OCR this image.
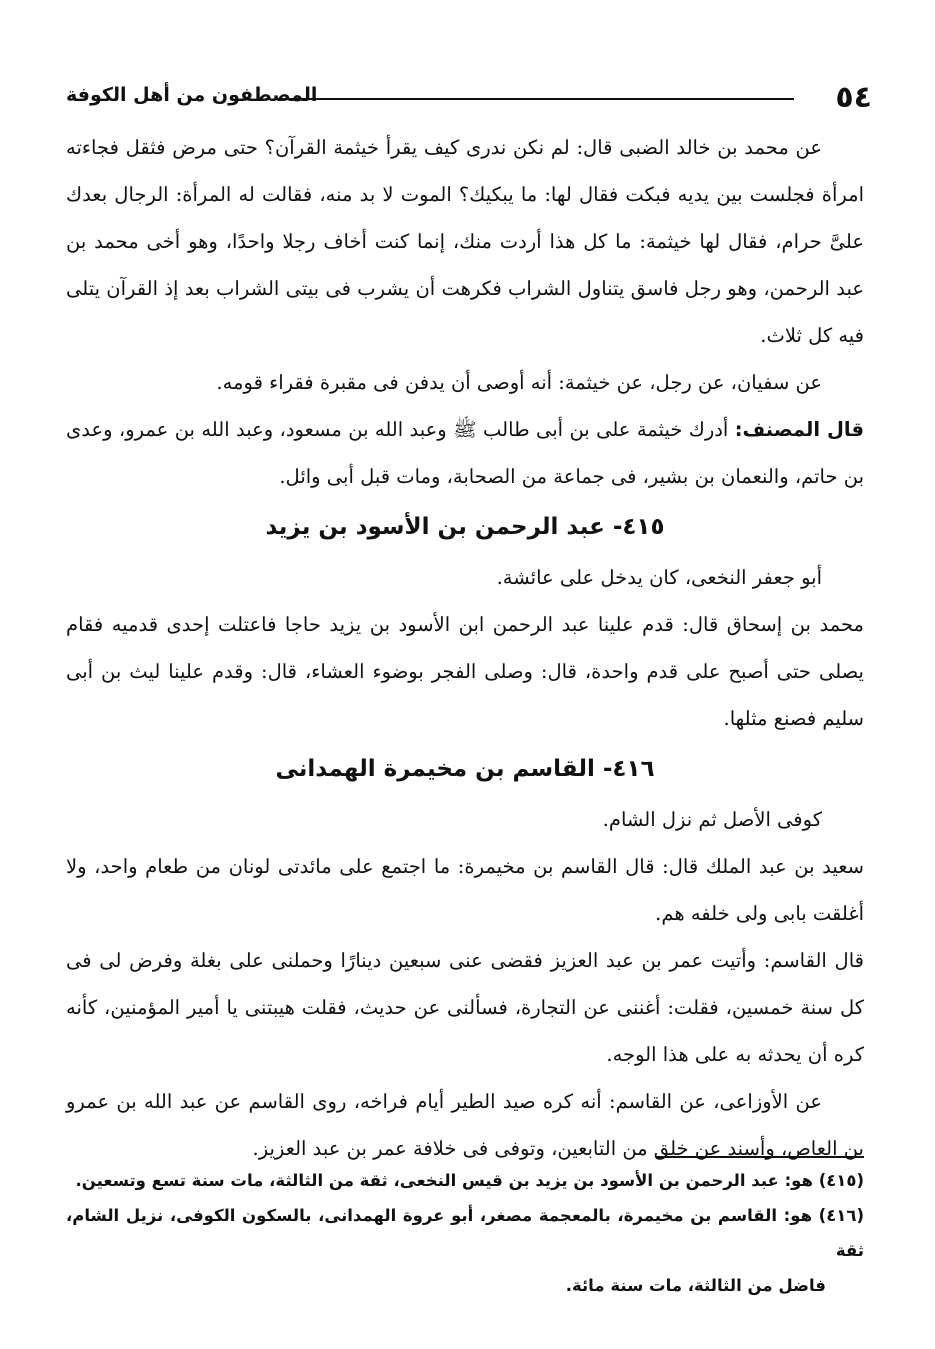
٥٤
المصطفون من أهل الكوفة

عن محمد بن خالد الضبى قال: لم نكن ندرى كيف يقرأ خيثمة القرآن؟ حتى مرض فثقل فجاءته امرأة فجلست بين يديه فبكت فقال لها: ما يبكيك؟ الموت لا بد منه، فقالت له المرأة: الرجال بعدك علىَّ حرام، فقال لها خيثمة: ما كل هذا أردت منك، إنما كنت أخاف رجلا واحدًا، وهو أخى محمد بن عبد الرحمن، وهو رجل فاسق يتناول الشراب فكرهت أن يشرب فى بيتى الشراب بعد إذ القرآن يتلى فيه كل ثلاث.

عن سفيان، عن رجل، عن خيثمة: أنه أوصى أن يدفن فى مقبرة فقراء قومه.

قال المصنف: أدرك خيثمة على بن أبى طالب ﷺ وعبد الله بن مسعود، وعبد الله بن عمرو، وعدى بن حاتم، والنعمان بن بشير، فى جماعة من الصحابة، ومات قبل أبى وائل.

٤١٥- عبد الرحمن بن الأسود بن يزيد

أبو جعفر النخعى، كان يدخل على عائشة.

محمد بن إسحاق قال: قدم علينا عبد الرحمن ابن الأسود بن يزيد حاجا فاعتلت إحدى قدميه فقام يصلى حتى أصبح على قدم واحدة، قال: وصلى الفجر بوضوء العشاء، قال: وقدم علينا ليث بن أبى سليم فصنع مثلها.

٤١٦- القاسم بن مخيمرة الهمدانى

كوفى الأصل ثم نزل الشام.

سعيد بن عبد الملك قال: قال القاسم بن مخيمرة: ما اجتمع على مائدتى لونان من طعام واحد، ولا أغلقت بابى ولى خلفه هم.

قال القاسم: وأتيت عمر بن عبد العزيز فقضى عنى سبعين دينارًا وحملنى على بغلة وفرض لى فى كل سنة خمسين، فقلت: أغننى عن التجارة، فسألنى عن حديث، فقلت هيبتنى يا أمير المؤمنين، كأنه كره أن يحدثه به على هذا الوجه.

عن الأوزاعى، عن القاسم: أنه كره صيد الطير أيام فراخه، روى القاسم عن عبد الله بن عمرو بن العاص، وأسند عن خلق من التابعين، وتوفى فى خلافة عمر بن عبد العزيز.

(٤١٥) هو: عبد الرحمن بن الأسود بن يزيد بن قيس النخعى، ثقة من الثالثة، مات سنة تسع وتسعين.

(٤١٦) هو: القاسم بن مخيمرة، بالمعجمة مصغر، أبو عروة الهمدانى، بالسكون الكوفى، نزيل الشام، ثقة
فاضل من الثالثة، مات سنة مائة.
